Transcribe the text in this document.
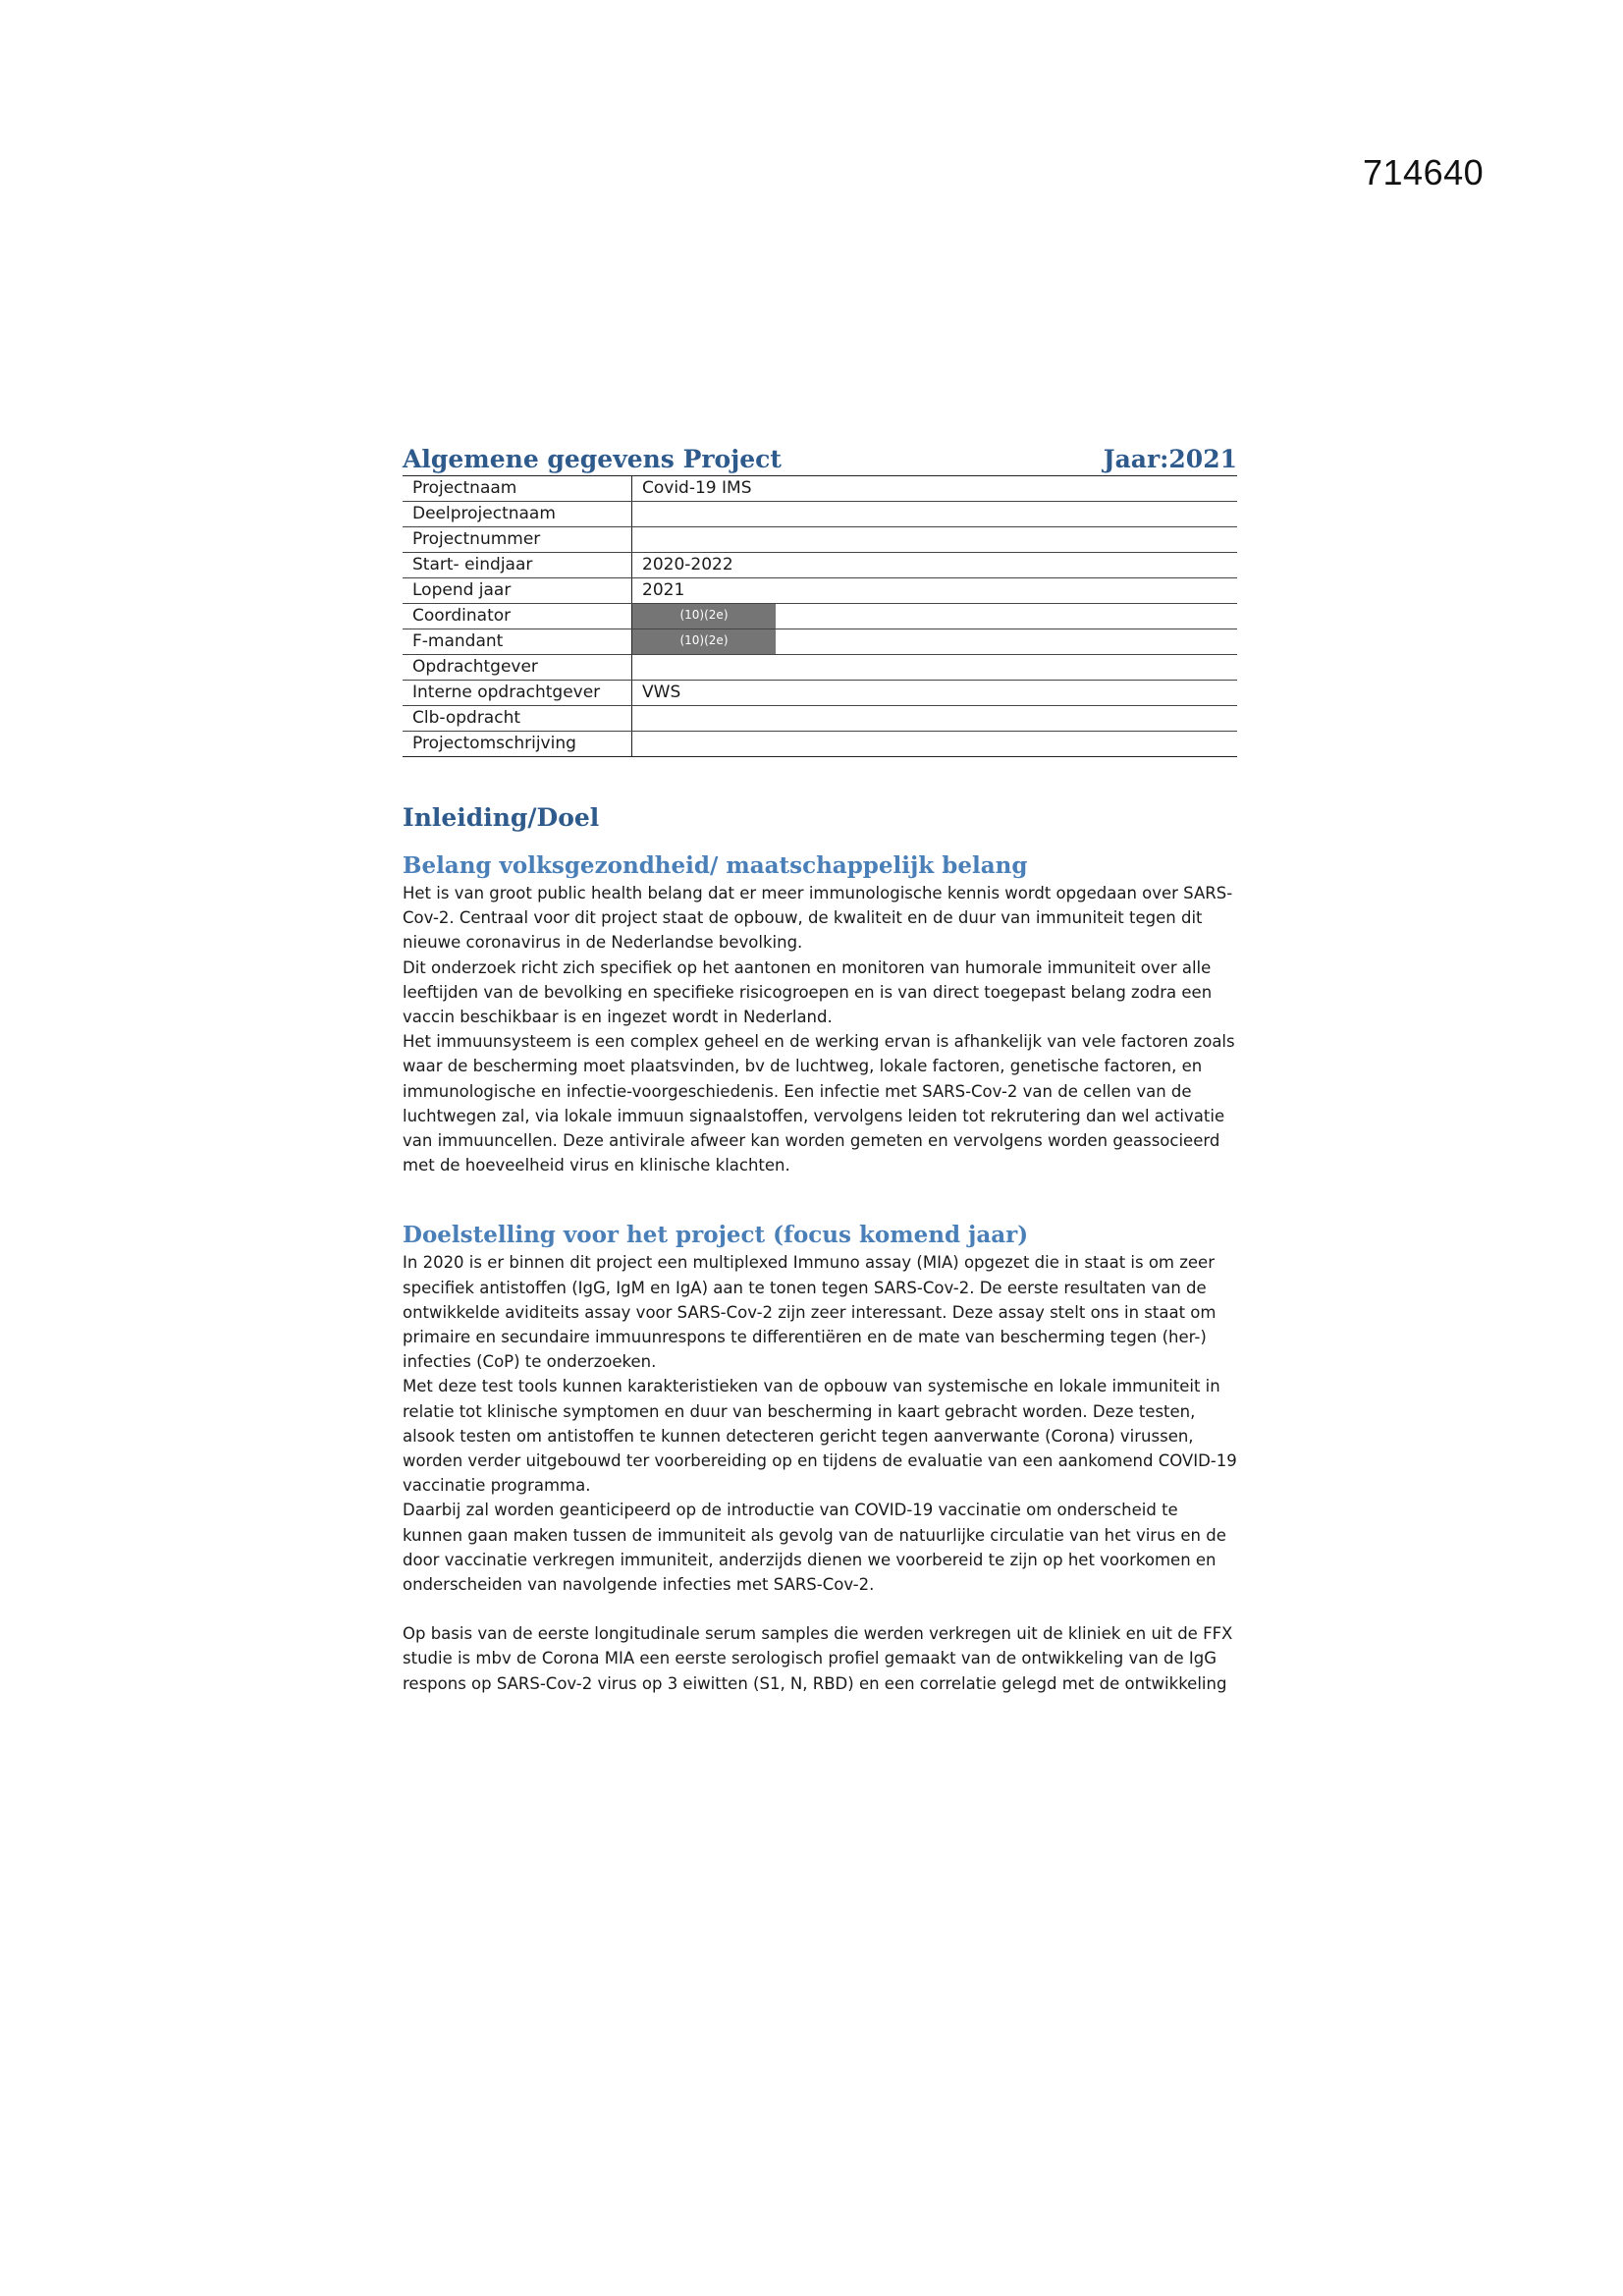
714640
Algemene gegevens Project	Jaar:2021
Projectnaam	Covid-19 IMS
Deelprojectnaam	
Projectnummer	
Start- eindjaar	2020-2022
Lopend jaar	2021
Coordinator	(10)(2e)
F-mandant	(10)(2e)
Opdrachtgever	
Interne opdrachtgever	VWS
Clb-opdracht	
Projectomschrijving	
Inleiding/Doel
Belang volksgezondheid/ maatschappelijk belang

Het is van groot public health belang dat er meer immunologische kennis wordt opgedaan over SARS-Cov-2. Centraal voor dit project staat de opbouw, de kwaliteit en de duur van immuniteit tegen dit nieuwe coronavirus in de Nederlandse bevolking.
Dit onderzoek richt zich specifiek op het aantonen en monitoren van humorale immuniteit over alle leeftijden van de bevolking en specifieke risicogroepen en is van direct toegepast belang zodra een vaccin beschikbaar is en ingezet wordt in Nederland.
Het immuunsysteem is een complex geheel en de werking ervan is afhankelijk van vele factoren zoals waar de bescherming moet plaatsvinden, bv de luchtweg, lokale factoren, genetische factoren, en immunologische en infectie-voorgeschiedenis. Een infectie met SARS-Cov-2 van de cellen van de luchtwegen zal, via lokale immuun signaalstoffen, vervolgens leiden tot rekrutering dan wel activatie van immuuncellen. Deze antivirale afweer kan worden gemeten en vervolgens worden geassocieerd met de hoeveelheid virus en klinische klachten.

Doelstelling voor het project (focus komend jaar)

In 2020 is er binnen dit project een multiplexed Immuno assay (MIA) opgezet die in staat is om zeer specifiek antistoffen (IgG, IgM en IgA) aan te tonen tegen SARS-Cov-2. De eerste resultaten van de ontwikkelde aviditeits assay voor SARS-Cov-2 zijn zeer interessant. Deze assay stelt ons in staat om primaire en secundaire immuunrespons te differentiëren en de mate van bescherming tegen (her-) infecties (CoP) te onderzoeken.
Met deze test tools kunnen karakteristieken van de opbouw van systemische en lokale immuniteit in relatie tot klinische symptomen en duur van bescherming in kaart gebracht worden. Deze testen, alsook testen om antistoffen te kunnen detecteren gericht tegen aanverwante (Corona) virussen, worden verder uitgebouwd ter voorbereiding op en tijdens de evaluatie van een aankomend COVID-19 vaccinatie programma.
Daarbij zal worden geanticipeerd op de introductie van COVID-19 vaccinatie om onderscheid te kunnen gaan maken tussen de immuniteit als gevolg van de natuurlijke circulatie van het virus en de door vaccinatie verkregen immuniteit, anderzijds dienen we voorbereid te zijn op het voorkomen en onderscheiden van navolgende infecties met SARS-Cov-2.

Op basis van de eerste longitudinale serum samples die werden verkregen uit de kliniek en uit de FFX studie is mbv de Corona MIA een eerste serologisch profiel gemaakt van de ontwikkeling van de IgG respons op SARS-Cov-2 virus op 3 eiwitten (S1, N, RBD) en een correlatie gelegd met de ontwikkeling
